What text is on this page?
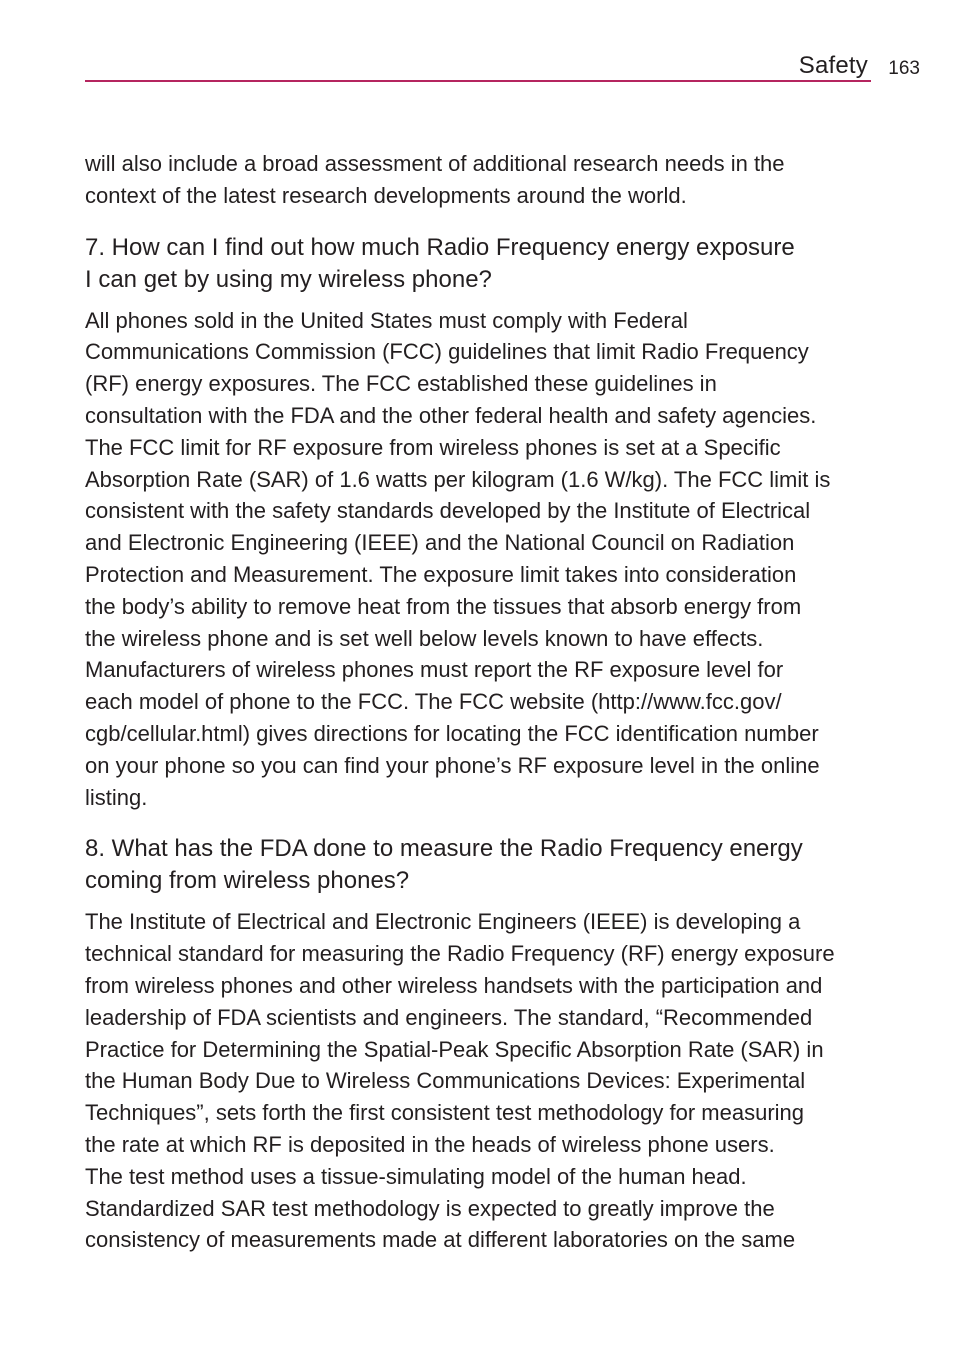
Safety 163

will also include a broad assessment of additional research needs in the
context of the latest research developments around the world.

7. How can I find out how much Radio Frequency energy exposure
I can get by using my wireless phone?

All phones sold in the United States must comply with Federal
Communications Commission (FCC) guidelines that limit Radio Frequency
(RF) energy exposures. The FCC established these guidelines in
consultation with the FDA and the other federal health and safety agencies.
The FCC limit for RF exposure from wireless phones is set at a Specific
Absorption Rate (SAR) of 1.6 watts per kilogram (1.6 W/kg). The FCC limit is
consistent with the safety standards developed by the Institute of Electrical
and Electronic Engineering (IEEE) and the National Council on Radiation
Protection and Measurement. The exposure limit takes into consideration
the body’s ability to remove heat from the tissues that absorb energy from
the wireless phone and is set well below levels known to have effects.
Manufacturers of wireless phones must report the RF exposure level for
each model of phone to the FCC. The FCC website (http://www.fcc.gov/
cgb/cellular.html) gives directions for locating the FCC identification number
on your phone so you can find your phone’s RF exposure level in the online
listing.

8. What has the FDA done to measure the Radio Frequency energy
coming from wireless phones?

The Institute of Electrical and Electronic Engineers (IEEE) is developing a
technical standard for measuring the Radio Frequency (RF) energy exposure
from wireless phones and other wireless handsets with the participation and
leadership of FDA scientists and engineers. The standard, “Recommended
Practice for Determining the Spatial-Peak Specific Absorption Rate (SAR) in
the Human Body Due to Wireless Communications Devices: Experimental
Techniques”, sets forth the first consistent test methodology for measuring
the rate at which RF is deposited in the heads of wireless phone users.
The test method uses a tissue-simulating model of the human head.
Standardized SAR test methodology is expected to greatly improve the
consistency of measurements made at different laboratories on the same
